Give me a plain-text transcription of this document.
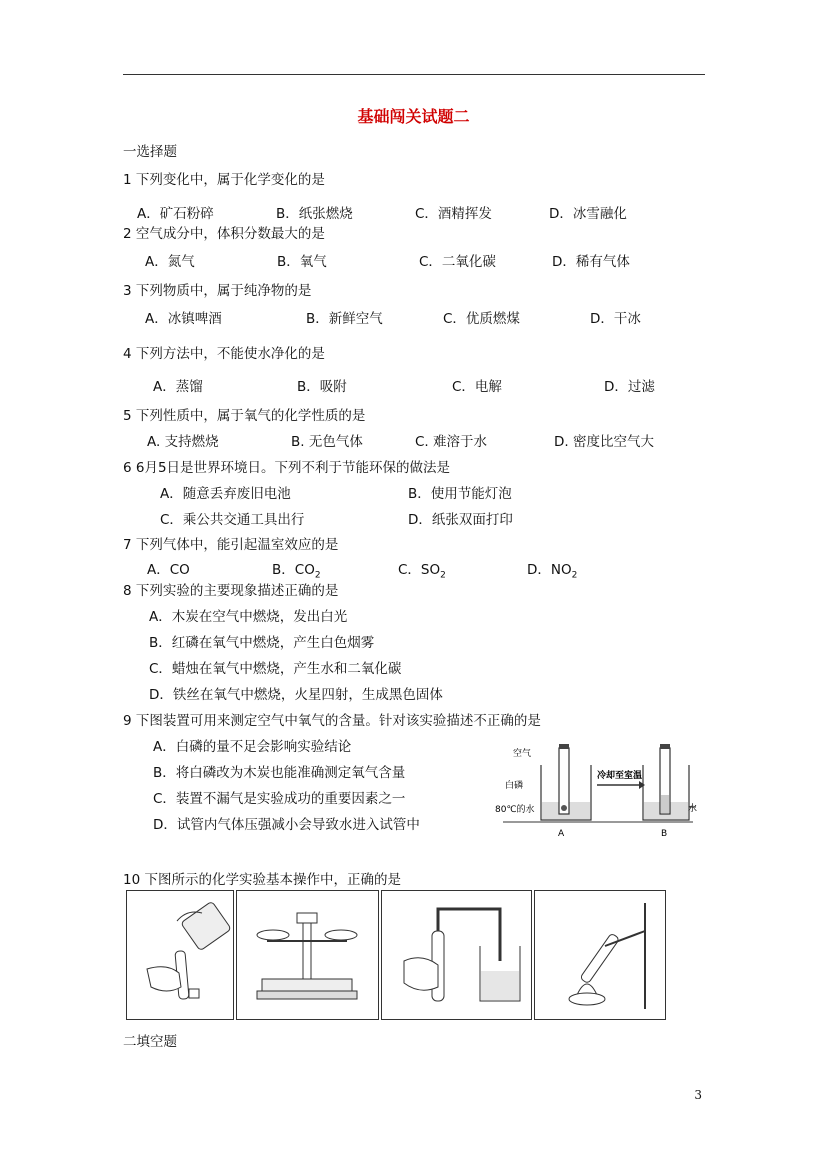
基础闯关试题二
一选择题
1 下列变化中，属于化学变化的是
A．矿石粉碎	B．纸张燃烧	C．酒精挥发	D．冰雪融化
2 空气成分中，体积分数最大的是
A．氮气	B．氧气	C．二氧化碳	D．稀有气体
3 下列物质中，属于纯净物的是
A．冰镇啤酒	B．新鲜空气	C．优质燃煤	D．干冰
4 下列方法中，不能使水净化的是
A．蒸馏	B．吸附	C．电解	D．过滤
5 下列性质中，属于氧气的化学性质的是
A. 支持燃烧	B. 无色气体	C. 难溶于水	D. 密度比空气大
6 6月5日是世界环境日。下列不利于节能环保的做法是
A．随意丢弃废旧电池	B．使用节能灯泡
C．乘公共交通工具出行	D．纸张双面打印
7 下列气体中，能引起温室效应的是
A．CO	B．$CO_2$	C．$SO_2$	D．$NO_2$
8 下列实验的主要现象描述正确的是
A．木炭在空气中燃烧，发出白光
B．红磷在氧气中燃烧，产生白色烟雾
C．蜡烛在氧气中燃烧，产生水和二氧化碳
D．铁丝在氧气中燃烧，火星四射，生成黑色固体
9 下图装置可用来测定空气中氧气的含量。针对该实验描述不正确的是
A．白磷的量不足会影响实验结论
B．将白磷改为木炭也能准确测定氧气含量
C．装置不漏气是实验成功的重要因素之一
D．试管内气体压强减小会导致水进入试管中
空气
白磷
80℃的水
冷却至室温
水
A	B
10 下图所示的化学实验基本操作中，正确的是
二填空题
3
